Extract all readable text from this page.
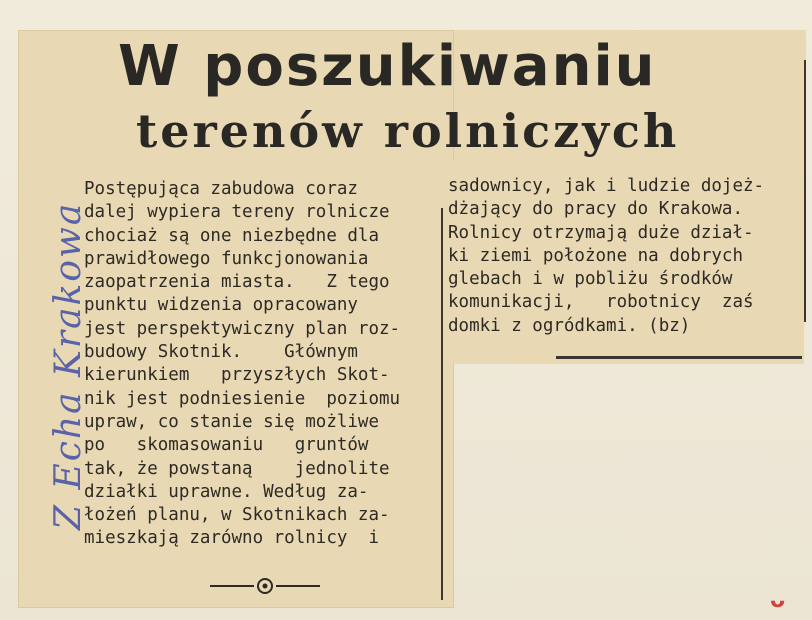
W poszukiwaniu
terenów rolniczych
Z Echa Krakowa
Postępująca zabudowa coraz
dalej wypiera tereny rolnicze
chociaż są one niezbędne dla
prawidłowego funkcjonowania
zaopatrzenia miasta.   Z tego
punktu widzenia opracowany
jest perspektywiczny plan roz-
budowy Skotnik.    Głównym
kierunkiem   przyszłych Skot-
nik jest podniesienie  poziomu
upraw, co stanie się możliwe
po   skomasowaniu   gruntów
tak, że powstaną    jednolite
działki uprawne. Według za-
łożeń planu, w Skotnikach za-
mieszkają zarówno rolnicy  i
sadownicy, jak i ludzie dojeż-
dżający do pracy do Krakowa.
Rolnicy otrzymają duże dział-
ki ziemi położone na dobrych
glebach i w pobliżu środków
komunikacji,   robotnicy  zaś
domki z ogródkami. (bz)
ᴗ
